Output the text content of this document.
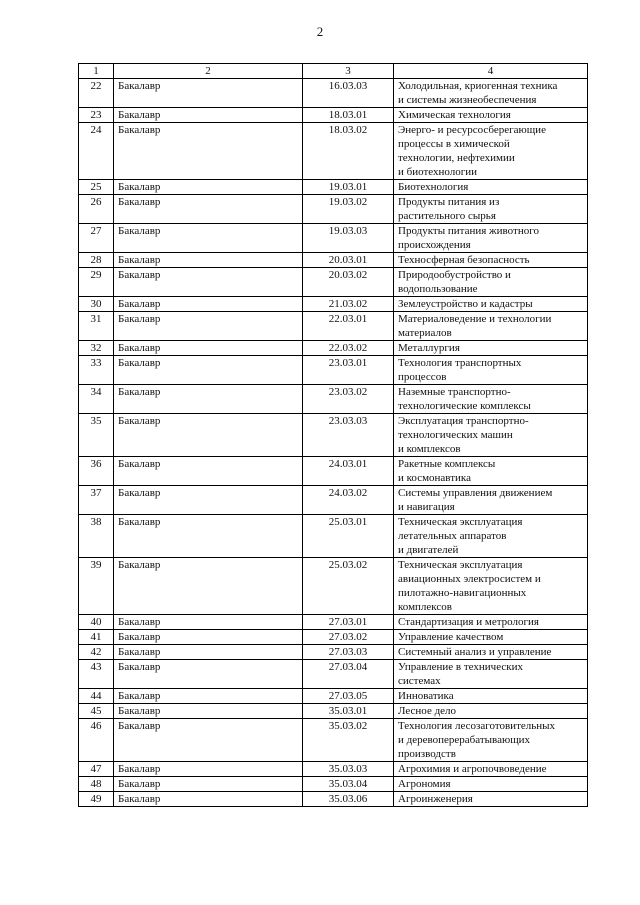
2
1	2	3	4
22	Бакалавр	16.03.03	Холодильная, криогенная техника
и системы жизнеобеспечения
23	Бакалавр	18.03.01	Химическая технология
24	Бакалавр	18.03.02	Энерго- и ресурсосберегающие
процессы в химической
технологии, нефтехимии
и биотехнологии
25	Бакалавр	19.03.01	Биотехнология
26	Бакалавр	19.03.02	Продукты питания из
растительного сырья
27	Бакалавр	19.03.03	Продукты питания животного
происхождения
28	Бакалавр	20.03.01	Техносферная безопасность
29	Бакалавр	20.03.02	Природообустройство и
водопользование
30	Бакалавр	21.03.02	Землеустройство и кадастры
31	Бакалавр	22.03.01	Материаловедение и технологии
материалов
32	Бакалавр	22.03.02	Металлургия
33	Бакалавр	23.03.01	Технология транспортных
процессов
34	Бакалавр	23.03.02	Наземные транспортно-
технологические комплексы
35	Бакалавр	23.03.03	Эксплуатация транспортно-
технологических машин
и комплексов
36	Бакалавр	24.03.01	Ракетные комплексы
и космонавтика
37	Бакалавр	24.03.02	Системы управления движением
и навигация
38	Бакалавр	25.03.01	Техническая эксплуатация
летательных аппаратов
и двигателей
39	Бакалавр	25.03.02	Техническая эксплуатация
авиационных электросистем и
пилотажно-навигационных
комплексов
40	Бакалавр	27.03.01	Стандартизация и метрология
41	Бакалавр	27.03.02	Управление качеством
42	Бакалавр	27.03.03	Системный анализ и управление
43	Бакалавр	27.03.04	Управление в технических
системах
44	Бакалавр	27.03.05	Инноватика
45	Бакалавр	35.03.01	Лесное дело
46	Бакалавр	35.03.02	Технология лесозаготовительных
и деревоперерабатывающих
производств
47	Бакалавр	35.03.03	Агрохимия и агропочвоведение
48	Бакалавр	35.03.04	Агрономия
49	Бакалавр	35.03.06	Агроинженерия
